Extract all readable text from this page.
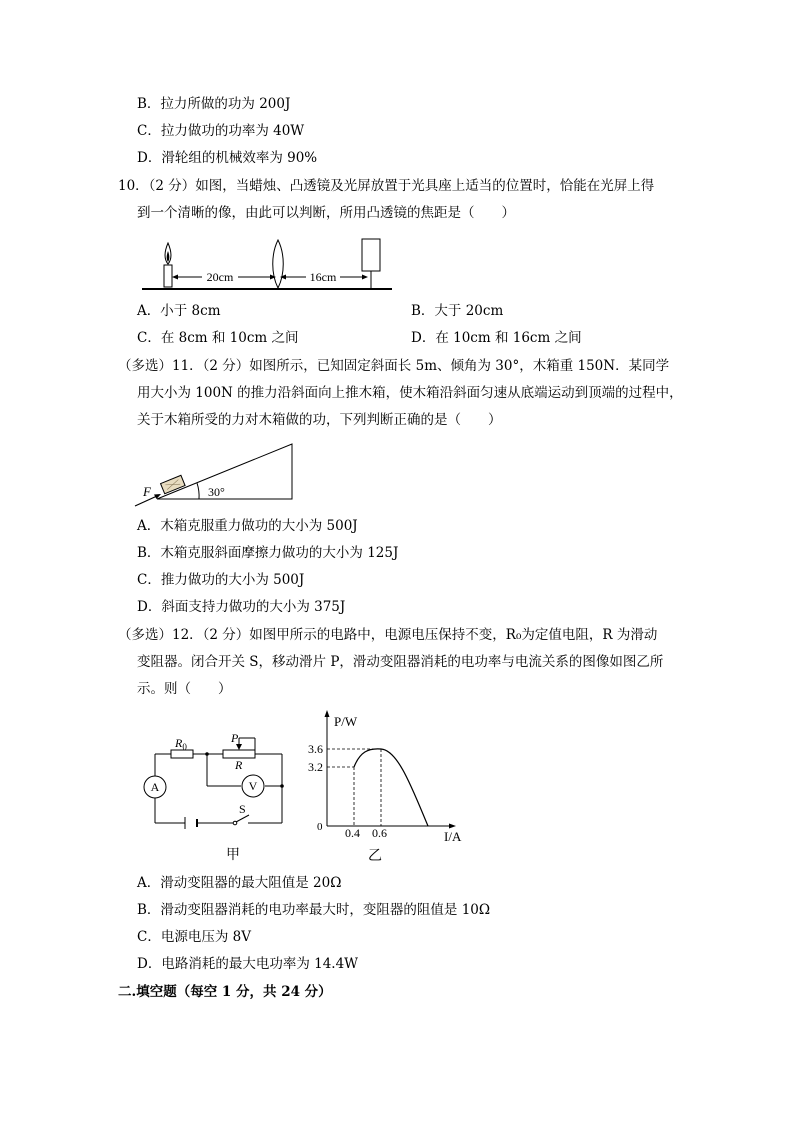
B．拉力所做的功为 200J
C．拉力做功的功率为 40W
D．滑轮组的机械效率为 90%
10．（2 分）如图，当蜡烛、凸透镜及光屏放置于光具座上适当的位置时，恰能在光屏上得
到一个清晰的像，由此可以判断，所用凸透镜的焦距是（　　）
20cm	16cm
A．小于 8cm	B．大于 20cm
C．在 8cm 和 10cm 之间	D．在 10cm 和 16cm 之间
（多选）11．（2 分）如图所示，已知固定斜面长 5m、倾角为 30°，木箱重 150N．某同学
用大小为 100N 的推力沿斜面向上推木箱，使木箱沿斜面匀速从底端运动到顶端的过程中，
关于木箱所受的力对木箱做的功，下列判断正确的是（　　）
30°
F
A．木箱克服重力做功的大小为 500J
B．木箱克服斜面摩擦力做功的大小为 125J
C．推力做功的大小为 500J
D．斜面支持力做功的大小为 375J
（多选）12．（2 分）如图甲所示的电路中，电源电压保持不变，R₀为定值电阻，R 为滑动
变阻器。闭合开关 S，移动滑片 P，滑动变阻器消耗的电功率与电流关系的图像如图乙所
示。则（　　）
$R_0$
R
P
A	V
S
甲
P/W
I/A
0
3.6
3.2
0.4 0.6
乙
A．滑动变阻器的最大阻值是 20Ω
B．滑动变阻器消耗的电功率最大时，变阻器的阻值是 10Ω
C．电源电压为 8V
D．电路消耗的最大电功率为 14.4W
二.填空题（每空 1 分，共 24 分）
